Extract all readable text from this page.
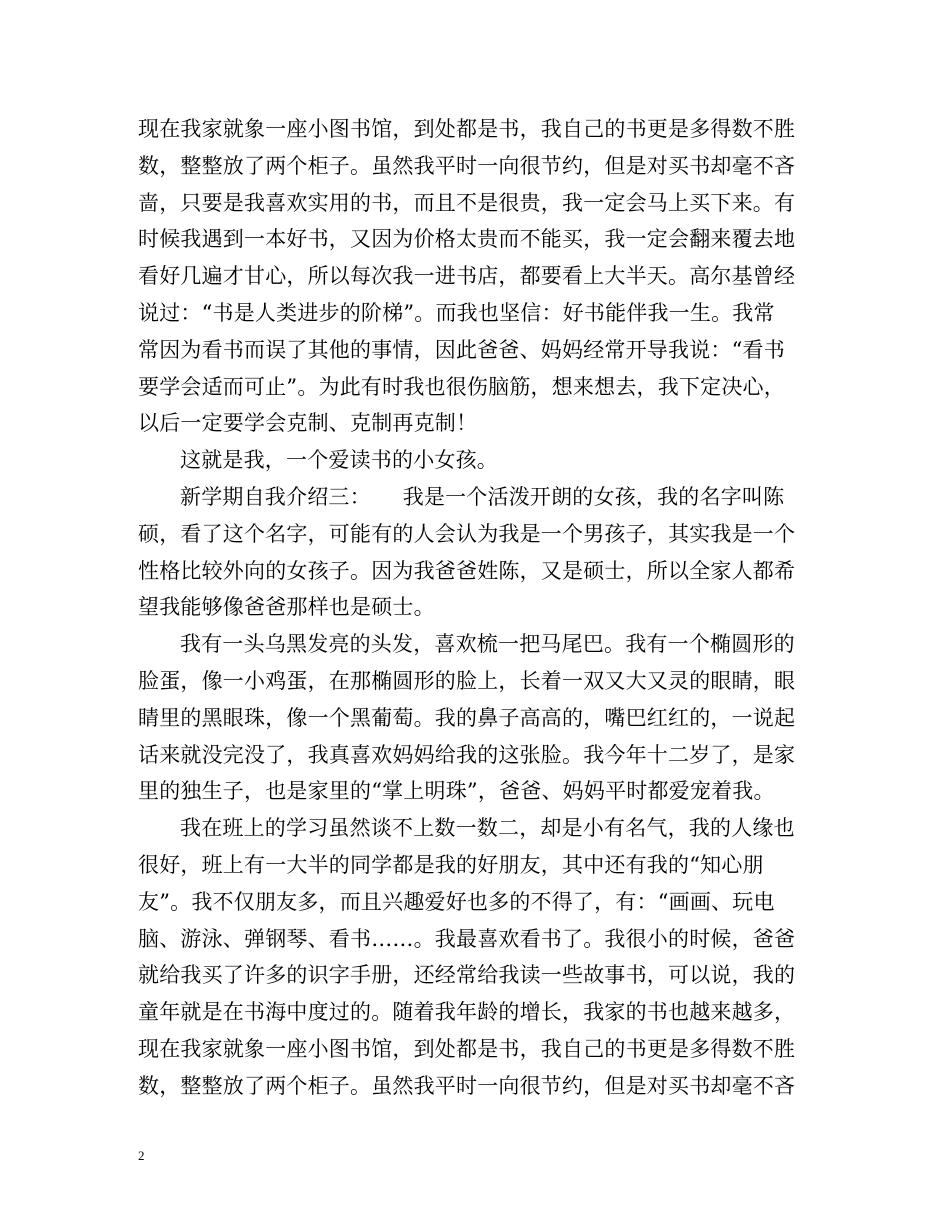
现在我家就象一座小图书馆，到处都是书，我自己的书更是多得数不胜
数，整整放了两个柜子。虽然我平时一向很节约，但是对买书却毫不吝
啬，只要是我喜欢实用的书，而且不是很贵，我一定会马上买下来。有
时候我遇到一本好书，又因为价格太贵而不能买，我一定会翻来覆去地
看好几遍才甘心，所以每次我一进书店，都要看上大半天。高尔基曾经
说过：“书是人类进步的阶梯”。而我也坚信：好书能伴我一生。我常
常因为看书而误了其他的事情，因此爸爸、妈妈经常开导我说：“看书
要学会适而可止”。为此有时我也很伤脑筋，想来想去，我下定决心，
以后一定要学会克制、克制再克制！
这就是我，一个爱读书的小女孩。
新学期自我介绍三：　　我是一个活泼开朗的女孩，我的名字叫陈
硕，看了这个名字，可能有的人会认为我是一个男孩子，其实我是一个
性格比较外向的女孩子。因为我爸爸姓陈，又是硕士，所以全家人都希
望我能够像爸爸那样也是硕士。
我有一头乌黑发亮的头发，喜欢梳一把马尾巴。我有一个椭圆形的
脸蛋，像一小鸡蛋，在那椭圆形的脸上，长着一双又大又灵的眼睛，眼
睛里的黑眼珠，像一个黑葡萄。我的鼻子高高的，嘴巴红红的，一说起
话来就没完没了，我真喜欢妈妈给我的这张脸。我今年十二岁了，是家
里的独生子，也是家里的“掌上明珠”，爸爸、妈妈平时都爱宠着我。
我在班上的学习虽然谈不上数一数二，却是小有名气，我的人缘也
很好，班上有一大半的同学都是我的好朋友，其中还有我的“知心朋
友”。我不仅朋友多，而且兴趣爱好也多的不得了，有：“画画、玩电
脑、游泳、弹钢琴、看书……。我最喜欢看书了。我很小的时候，爸爸
就给我买了许多的识字手册，还经常给我读一些故事书，可以说，我的
童年就是在书海中度过的。随着我年龄的增长，我家的书也越来越多，
现在我家就象一座小图书馆，到处都是书，我自己的书更是多得数不胜
数，整整放了两个柜子。虽然我平时一向很节约，但是对买书却毫不吝
2
